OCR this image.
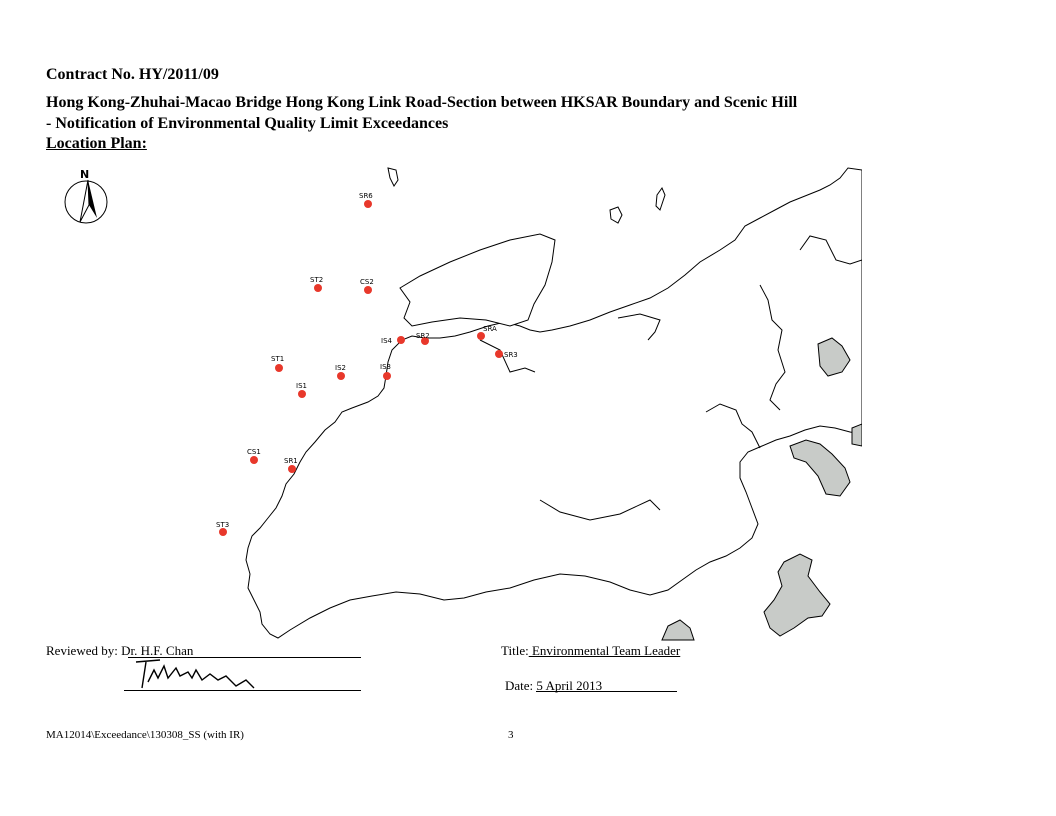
Contract No. HY/2011/09
Hong Kong-Zhuhai-Macao Bridge Hong Kong Link Road-Section between HKSAR Boundary and Scenic Hill
- Notification of Environmental Quality Limit Exceedances
Location Plan:
N
SR6
ST2	CS2
IS4
SR2
SRA
SR3
ST1
IS2	IS3
IS1
CS1
SR1
ST3
Reviewed by: Dr. H.F. Chan	Title: Environmental Team Leader
Date: 5 April 2013
MA12014\Exceedance\130308_SS (with IR)	3
